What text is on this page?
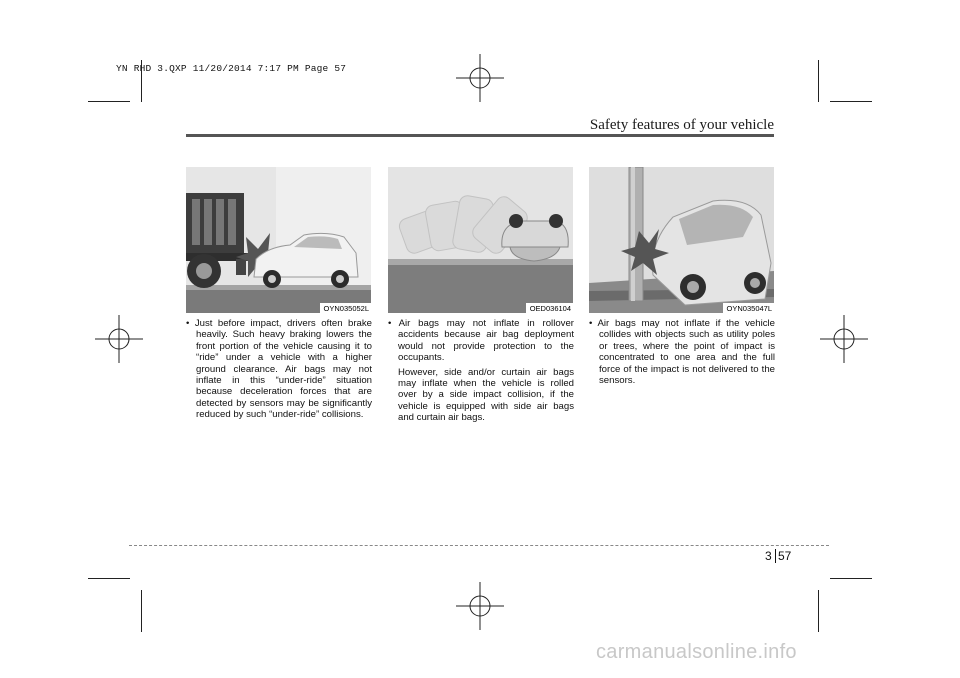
YN RHD 3.QXP 11/20/2014 7:17 PM Page 57
Safety features of your vehicle
OYN035052L	OED036104	OYN035047L

• Just before impact, drivers often brake heavily. Such heavy braking lowers the front portion of the vehicle causing it to “ride” under a vehicle with a higher ground clearance. Air bags may not inflate in this “under-ride” situation because deceleration forces that are detected by sensors may be significantly reduced by such “under-ride” collisions.

• Air bags may not inflate in rollover accidents because air bag deployment would not provide protection to the occupants.

However, side and/or curtain air bags may inflate when the vehicle is rolled over by a side impact collision, if the vehicle is equipped with side air bags and curtain air bags.

• Air bags may not inflate if the vehicle collides with objects such as utility poles or trees, where the point of impact is concentrated to one area and the full force of the impact is not delivered to the sensors.

3 57
carmanualsonline.info
